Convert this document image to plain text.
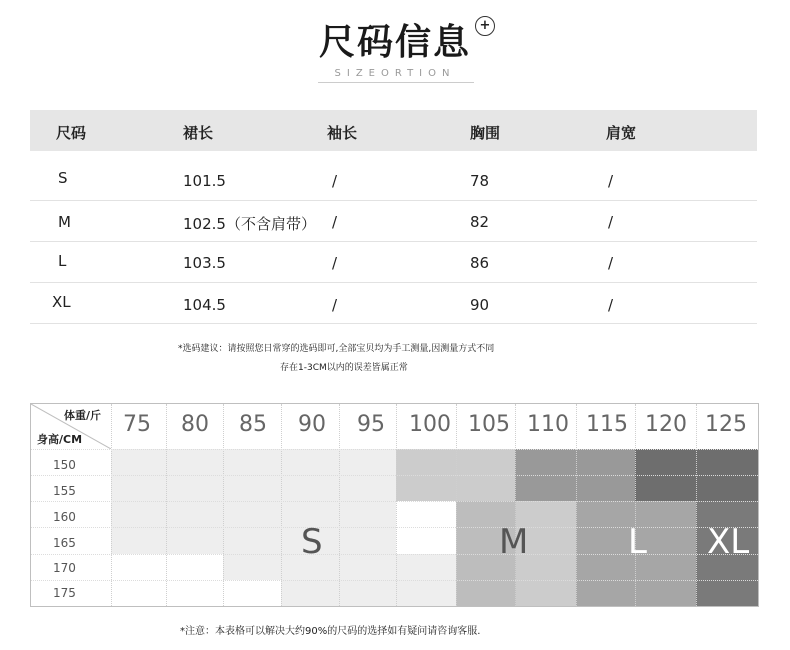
尺码信息 +
SIZEORTION
尺码	裙长	袖长	胸围	肩宽
S	101.5	/	78	/
M	102.5（不含肩带） /	82	/
L	103.5	/	86	/
XL	104.5	/	90	/
*选码建议：请按照您日常穿的选码即可,全部宝贝均为手工测量,因测量方式不同
存在1-3CM以内的误差皆属正常
体重/斤
身高/CM
75	80	85	90	95	100 105 110 115 120 125
150
155
160
165
170
175
S	M	L XL
*注意：本表格可以解决大约90%的尺码的选择如有疑问请咨询客服.
